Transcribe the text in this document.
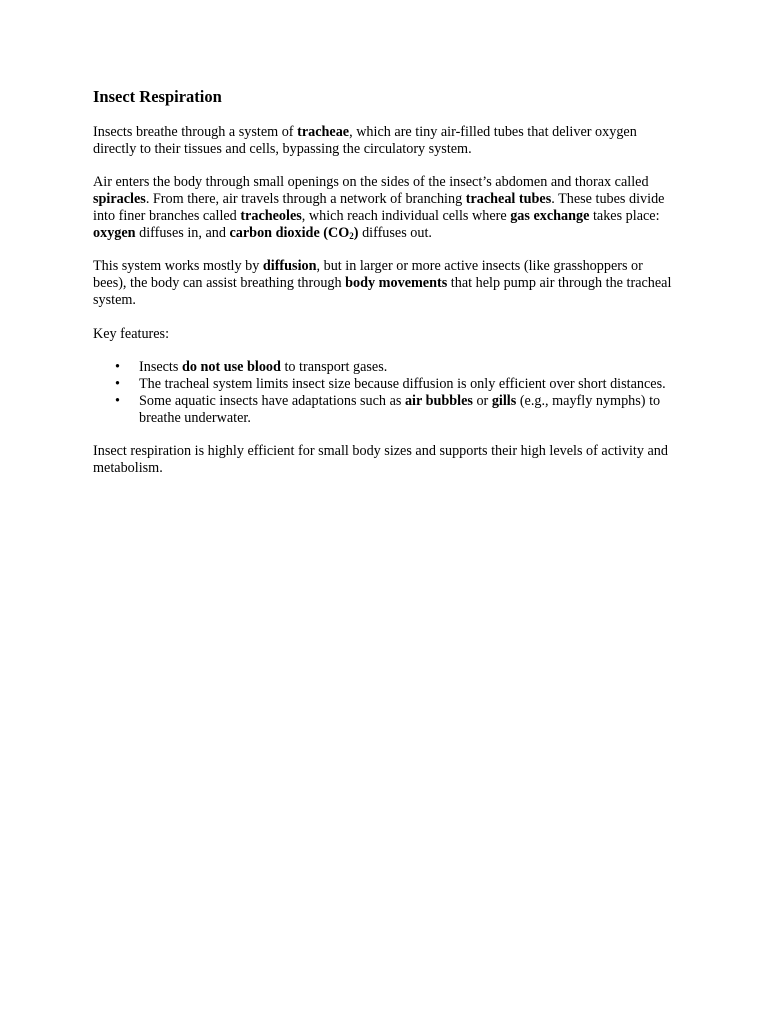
Insect Respiration

Insects breathe through a system of tracheae, which are tiny air-filled tubes that deliver oxygen directly to their tissues and cells, bypassing the circulatory system.

Air enters the body through small openings on the sides of the insect’s abdomen and thorax called spiracles. From there, air travels through a network of branching tracheal tubes. These tubes divide into finer branches called tracheoles, which reach individual cells where gas exchange takes place: oxygen diffuses in, and carbon dioxide $(CO_2)$ diffuses out.

This system works mostly by diffusion, but in larger or more active insects (like grasshoppers or bees), the body can assist breathing through body movements that help pump air through the tracheal system.

Key features:

• Insects do not use blood to transport gases.
• The tracheal system limits insect size because diffusion is only efficient over short distances.
• Some aquatic insects have adaptations such as air bubbles or gills (e.g., mayfly nymphs) to breathe underwater.

Insect respiration is highly efficient for small body sizes and supports their high levels of activity and metabolism.
